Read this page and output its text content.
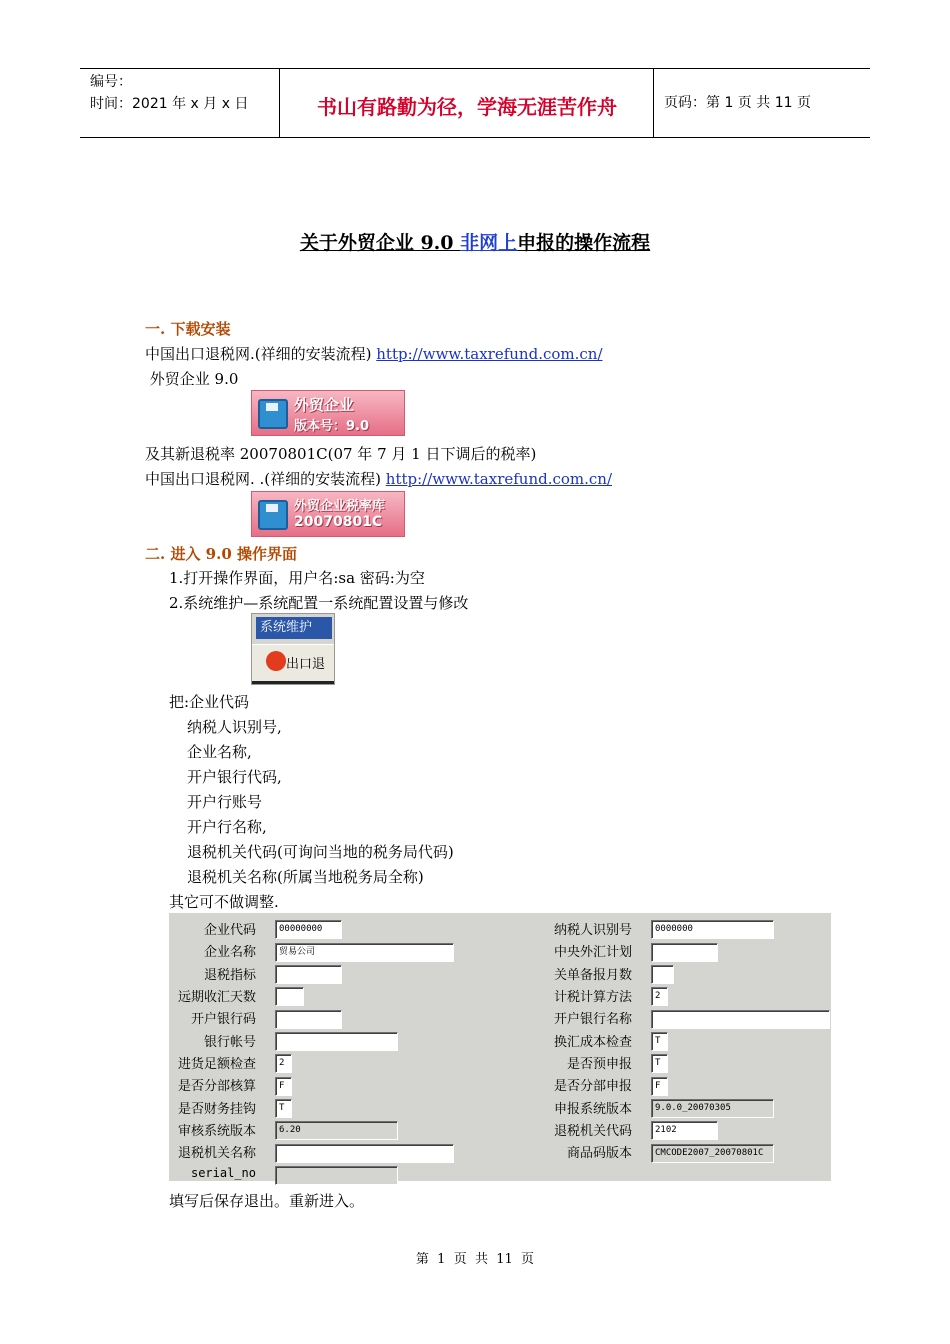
编号：
时间：2021 年 x 月 x 日	书山有路勤为径，学海无涯苦作舟	页码：第 1 页 共 11 页
关于外贸企业 9.0 非网上申报的操作流程
一. 下载安装
中国出口退税网.(祥细的安装流程) http://www.taxrefund.com.cn/
外贸企业 9.0
外贸企业
版本号：9.0
及其新退税率 20070801C(07 年 7 月 1 日下调后的税率)
中国出口退税网. .(祥细的安装流程) http://www.taxrefund.com.cn/
外贸企业税率库
20070801C
二. 进入 9.0 操作界面
1.打开操作界面，用户名:sa 密码:为空
2.系统维护—系统配置一系统配置设置与修改
系统维护
出口退
把:企业代码
纳税人识别号,
企业名称,
开户银行代码,
开户行账号
开户行名称,
退税机关代码(可询问当地的税务局代码)
退税机关名称(所属当地税务局全称)
其它可不做调整.
企业代码
企业名称
退税指标
远期收汇天数
开户银行码
银行帐号
进货足额检查
是否分部核算
是否财务挂钩
审核系统版本
退税机关名称
serial_no
00000000
贸易公司
2
F
T
6.20
纳税人识别号
中央外汇计划
关单备报月数
计税计算方法
开户银行名称
换汇成本检查
是否预申报
是否分部申报
申报系统版本
退税机关代码
商品码版本
0000000
2
T
T
F
9.0.0_20070305
2102
CMCODE2007_20070801C
填写后保存退出。重新进入。
第  1  页  共  11  页
